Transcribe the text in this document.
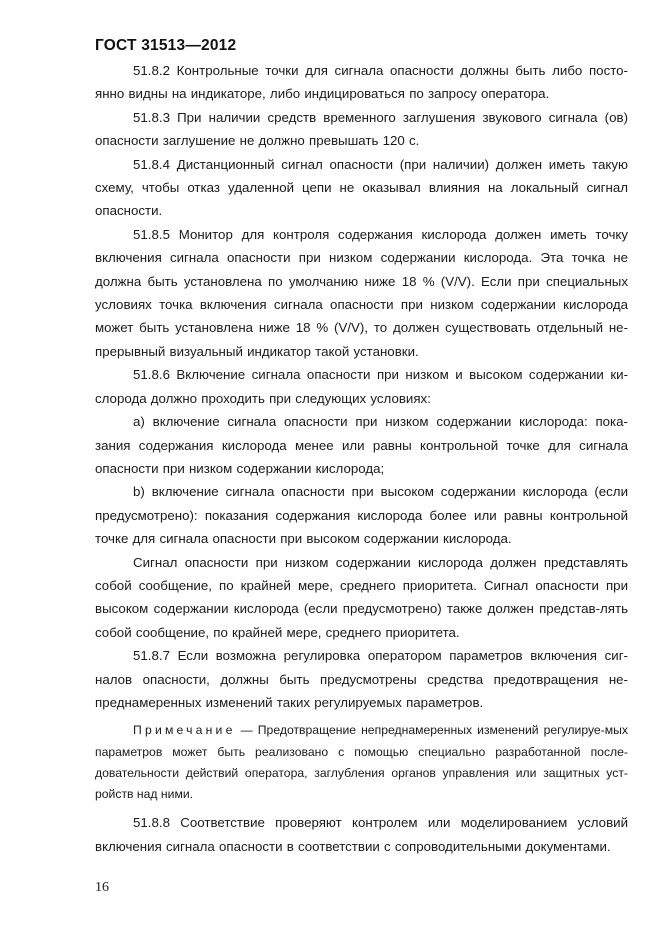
ГОСТ 31513—2012

51.8.2 Контрольные точки для сигнала опасности должны быть либо посто-янно видны на индикаторе, либо индицироваться по запросу оператора.

51.8.3 При наличии средств временного заглушения звукового сигнала (ов) опасности заглушение не должно превышать 120 с.

51.8.4 Дистанционный сигнал опасности (при наличии) должен иметь такую схему, чтобы отказ удаленной цепи не оказывал влияния на локальный сигнал опасности.

51.8.5 Монитор для контроля содержания кислорода должен иметь точку включения сигнала опасности при низком содержании кислорода. Эта точка не должна быть установлена по умолчанию ниже 18 % (V/V). Если при специальных условиях точка включения сигнала опасности при низком содержании кислорода может быть установлена ниже 18 % (V/V), то должен существовать отдельный не-прерывный визуальный индикатор такой установки.

51.8.6 Включение сигнала опасности при низком и высоком содержании ки-слорода должно проходить при следующих условиях:

а) включение сигнала опасности при низком содержании кислорода: пока-зания содержания кислорода менее или равны контрольной точке для сигнала опасности при низком содержании кислорода;

b) включение сигнала опасности при высоком содержании кислорода (если предусмотрено): показания содержания кислорода более или равны контрольной точке для сигнала опасности при высоком содержании кислорода.

Сигнал опасности при низком содержании кислорода должен представлять собой сообщение, по крайней мере, среднего приоритета. Сигнал опасности при высоком содержании кислорода (если предусмотрено) также должен представ-лять собой сообщение, по крайней мере, среднего приоритета.

51.8.7 Если возможна регулировка оператором параметров включения сиг-налов опасности, должны быть предусмотрены средства предотвращения не-преднамеренных изменений таких регулируемых параметров.

Примечание — Предотвращение непреднамеренных изменений регулируе-мых параметров может быть реализовано с помощью специально разработанной после-довательности действий оператора, заглубления органов управления или защитных уст-ройств над ними.

51.8.8 Соответствие проверяют контролем или моделированием условий включения сигнала опасности в соответствии с сопроводительными документами.

16
